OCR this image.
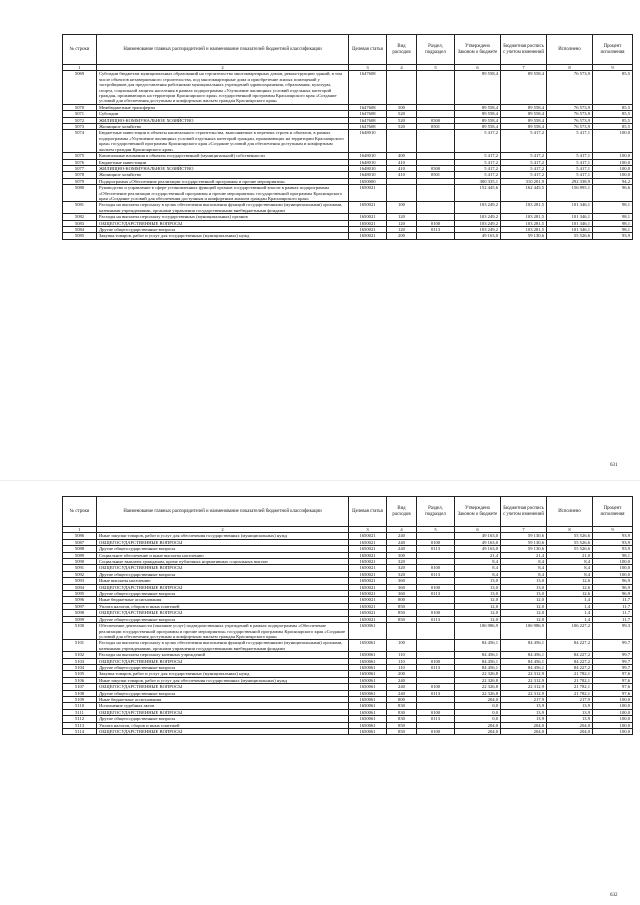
№ строки	Наименование главных распорядителей и наименование показателей бюджетной классификации	Целевая статья	Вид расходов	Раздел, подраздел	Утверждено Законом о бюджете	Бюджетная роспись с учетом изменений	Исполнено	Процент исполнения
1	2	3	4	5	6	7	8	9
5069	Субсидии бюджетам муниципальных образований на строительство многоквартирных домов, реконструкцию зданий, в том числе объектов незавершенного строительства, под многоквартирные дома и приобретение жилых помещений у застройщиков для предоставления работникам муниципальных учреждений здравоохранения, образования, культуры, спорта, социальной защиты населения в рамках подпрограммы «Улучшение жилищных условий отдельных категорий граждан, проживающих на территории Красноярского края» государственной программы Красноярского края «Создание условий для обеспечения доступным и комфортным жильем граждан Красноярского края»	1647608			89 558,4	89 558,4	76 573,9	85,5
5070	Межбюджетные трансферты	1647608	500		89 558,4	89 558,4	76 573,9	85,5
5071	Субсидии	1647608	520		89 558,4	89 558,4	76 573,9	85,5
5072	ЖИЛИЩНО-КОММУНАЛЬНОЕ ХОЗЯЙСТВО	1647608	520	0500	89 558,4	89 558,4	76 573,9	85,5
5073	Жилищное хозяйство	1647608	520	0501	89 558,4	89 558,4	76 573,9	85,5
5074	Бюджетные инвестиции в объекты капитального строительства, выполняемые в перечень строек и объектов, в рамках подпрограммы «Улучшение жилищных условий отдельных категорий граждан, проживающих на территории Красноярского края» государственной программы Красноярского края «Создание условий для обеспечения доступным и комфортным жильем граждан Красноярского края»	1648010			5 417,2	5 417,2	5 417,1	100,0
5075	Капитальные вложения в объекты государственной (муниципальной) собственности	1648010	400		5 417,2	5 417,2	5 417,1	100,0
5076	Бюджетные инвестиции	1648010	410		5 417,2	5 417,2	5 417,1	100,0
5077	ЖИЛИЩНО-КОММУНАЛЬНОЕ ХОЗЯЙСТВО	1648010	410	0500	5 417,2	5 417,2	5 417,1	100,0
5078	Жилищное хозяйство	1648010	410	0501	5 417,2	5 417,2	5 417,1	100,0
5079	Подпрограмма «Обеспечение реализации государственной программы и прочие мероприятия»	1650000			300 335,1	310 201,9	292 338,9	94,2
5080	Руководство и управление в сфере установленных функций органов государственной власти в рамках подпрограммы «Обеспечение реализации государственной программы и прочие мероприятия» государственной программы Красноярского края «Создание условий для обеспечения доступным и комфортным жильем граждан Красноярского края»	1650021			152 445,6	162 445,5	156 895,1	96,6
5081	Расходы на выплаты персоналу в целях обеспечения выполнения функций государственными (муниципальными) органами, казенными учреждениями, органами управления государственными внебюджетными фондами	1650021	100		103 249,2	103 281,5	101 346,1	98,1
5082	Расходы на выплаты персоналу государственных (муниципальных) органов	1650021	120		103 249,2	103 281,5	101 346,1	98,1
5083	ОБЩЕГОСУДАРСТВЕННЫЕ ВОПРОСЫ	1650021	120	0100	103 249,2	103 281,5	101 346,1	98,1
5084	Другие общегосударственные вопросы	1650021	120	0113	103 249,2	103 281,5	101 346,1	98,1
5085	Закупка товаров, работ и услуг для государственных (муниципальных) нужд	1650021	200		49 163,0	59 130,6	55 526,6	93,9
631
№ строки	Наименование главных распорядителей и наименование показателей бюджетной классификации	Целевая статья	Вид расходов	Раздел, подраздел	Утверждено Законом о бюджете	Бюджетная роспись с учетом изменений	Исполнено	Процент исполнения
1	2	3	4	5	6	7	8	9
5086	Иные закупки товаров, работ и услуг для обеспечения государственных (муниципальных) нужд	1650021	240		49 163,0	59 130,6	55 526,6	93,9
5087	ОБЩЕГОСУДАРСТВЕННЫЕ ВОПРОСЫ	1650021	240	0100	49 163,0	59 130,6	55 526,6	93,9
5088	Другие общегосударственные вопросы	1650021	240	0113	49 163,0	59 130,6	55 526,6	93,9
5089	Социальное обеспечение и иные выплаты населению	1650021	300		21,4	21,4	21,0	98,1
5090	Социальные выплаты гражданам, кроме публичных нормативных социальных выплат	1650021	320		8,4	8,4	8,4	100,0
5091	ОБЩЕГОСУДАРСТВЕННЫЕ ВОПРОСЫ	1650021	320	0100	8,4	8,4	8,4	100,0
5092	Другие общегосударственные вопросы	1650021	320	0113	8,4	8,4	8,4	100,0
5093	Иные выплаты населению	1650021	360		13,0	13,0	12,6	96,9
5094	ОБЩЕГОСУДАРСТВЕННЫЕ ВОПРОСЫ	1650021	360	0100	13,0	13,0	12,6	96,9
5095	Другие общегосударственные вопросы	1650021	360	0113	13,0	13,0	12,6	96,9
5096	Иные бюджетные ассигнования	1650021	800		12,0	12,0	1,4	11,7
5097	Уплата налогов, сборов и иных платежей	1650021	850		12,0	12,0	1,4	11,7
5098	ОБЩЕГОСУДАРСТВЕННЫЕ ВОПРОСЫ	1650021	850	0100	12,0	12,0	1,4	11,7
5099	Другие общегосударственные вопросы	1650021	850	0113	12,0	12,0	1,4	11,7
5100	Обеспечение деятельности (оказание услуг) подведомственных учреждений в рамках подпрограммы «Обеспечение реализации государственной программы и прочие мероприятия» государственной программы Красноярского края «Создание условий для обеспечения доступным и комфортным жильем граждан Красноярского края»	1650061			106 986,9	106 986,9	106 227,2	99,3
5101	Расходы на выплаты персоналу в целях обеспечения выполнения функций государственными (муниципальными) органами, казенными учреждениями, органами управления государственными внебюджетными фондами	1650061	100		84 456,1	84 456,1	84 227,2	99,7
5102	Расходы на выплаты персоналу казенных учреждений	1650061	110		84 456,1	84 456,1	84 227,2	99,7
5103	ОБЩЕГОСУДАРСТВЕННЫЕ ВОПРОСЫ	1650061	110	0100	84 456,1	84 456,1	84 227,2	99,7
5104	Другие общегосударственные вопросы	1650061	110	0113	84 456,1	84 456,1	84 227,2	99,7
5105	Закупка товаров, работ и услуг для государственных (муниципальных) нужд	1650061	200		22 326,8	22 312,9	21 782,1	97,6
5106	Иные закупки товаров, работ и услуг для обеспечения государственных (муниципальных) нужд	1650061	240		22 326,8	22 312,9	21 782,1	97,6
5107	ОБЩЕГОСУДАРСТВЕННЫЕ ВОПРОСЫ	1650061	240	0100	22 326,8	22 312,9	21 782,1	97,6
5108	Другие общегосударственные вопросы	1650061	240	0113	22 326,8	22 312,9	21 782,1	97,6
5109	Иные бюджетные ассигнования	1650061	800		204,0	217,9	217,9	100,0
5110	Исполнение судебных актов	1650061	830		0,0	13,9	13,9	100,0
5111	ОБЩЕГОСУДАРСТВЕННЫЕ ВОПРОСЫ	1650061	830	0100	0,0	13,9	13,9	100,0
5112	Другие общегосударственные вопросы	1650061	830	0113	0,0	13,9	13,9	100,0
5113	Уплата налогов, сборов и иных платежей	1650061	850		204,0	204,0	204,0	100,0
5114	ОБЩЕГОСУДАРСТВЕННЫЕ ВОПРОСЫ	1650061	850	0100	204,0	204,0	204,0	100,0
632
